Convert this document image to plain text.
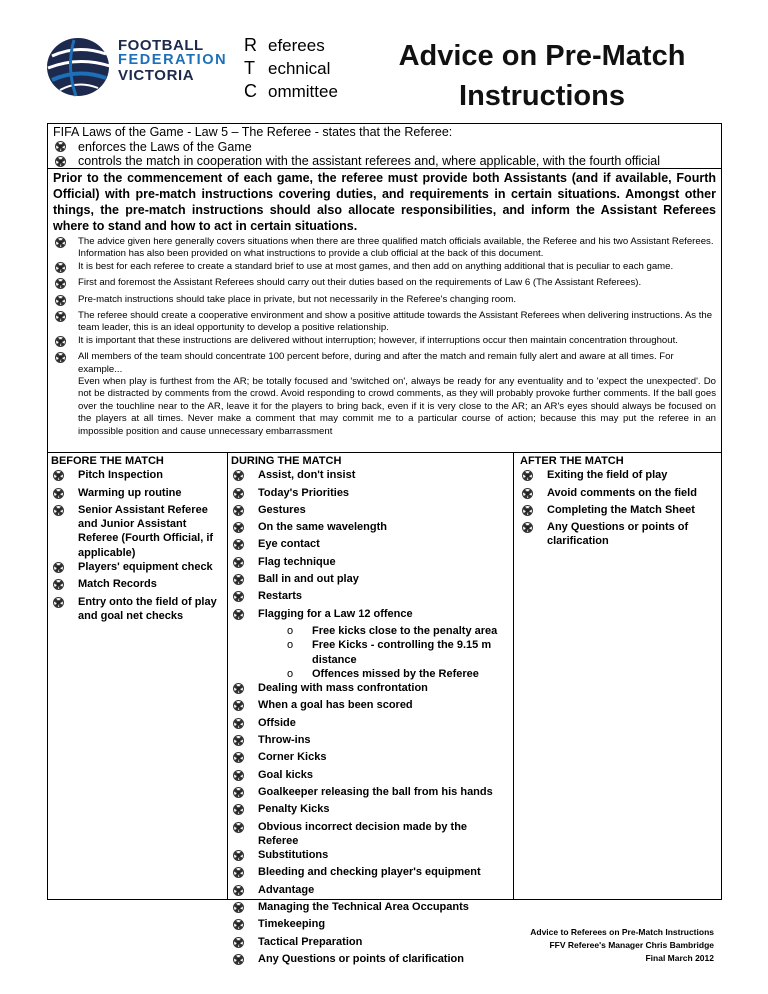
FOOTBALL
FEDERATION
VICTORIA
R eferees
T echnical
C ommittee
Advice on Pre-Match
Instructions
FIFA Laws of the Game - Law 5 – The Referee - states that the Referee:
enforces the Laws of the Game
controls the match in cooperation with the assistant referees and, where applicable, with the fourth official
Prior to the commencement of each game, the referee must provide both Assistants (and if available, Fourth Official) with pre-match instructions covering duties, and requirements in certain situations. Amongst other things, the pre-match instructions should also allocate responsibilities, and inform the Assistant Referees where to stand and how to act in certain situations.
The advice given here generally covers situations when there are three qualified match officials available, the Referee and his two Assistant Referees. Information has also been provided on what instructions to provide a club official at the back of this document.
It is best for each referee to create a standard brief to use at most games, and then add on anything additional that is peculiar to each game.
First and foremost the Assistant Referees should carry out their duties based on the requirements of Law 6 (The Assistant Referees).
Pre-match instructions should take place in private, but not necessarily in the Referee's changing room.
The referee should create a cooperative environment and show a positive attitude towards the Assistant Referees when delivering instructions. As the team leader, this is an ideal opportunity to develop a positive relationship.
It is important that these instructions are delivered without interruption; however, if interruptions occur then maintain concentration throughout.
All members of the team should concentrate 100 percent before, during and after the match and remain fully alert and aware at all times. For example...
Even when play is furthest from the AR; be totally focused and 'switched on', always be ready for any eventuality and to 'expect the unexpected'. Do not be distracted by comments from the crowd. Avoid responding to crowd comments, as they will probably provoke further comments. If the ball goes over the touchline near to the AR, leave it for the players to bring back, even if it is very close to the AR; an AR's eyes should always be focused on the players at all times. Never make a comment that may commit me to a particular course of action; because this may put the referee in an impossible position and cause unnecessary embarrassment
BEFORE THE MATCH
Pitch Inspection
Warming up routine
Senior Assistant Referee and Junior Assistant Referee (Fourth Official, if applicable)
Players' equipment check
Match Records
Entry onto the field of play and goal net checks
DURING THE MATCH
Assist, don't insist
Today's Priorities
Gestures
On the same wavelength
Eye contact
Flag technique
Ball in and out play
Restarts
Flagging for a Law 12 offence
o	Free kicks close to the penalty area
o	Free Kicks - controlling the 9.15 m distance
o	Offences missed by the Referee
Dealing with mass confrontation
When a goal has been scored
Offside
Throw-ins
Corner Kicks
Goal kicks
Goalkeeper releasing the ball from his hands
Penalty Kicks
Obvious incorrect decision made by the Referee
Substitutions
Bleeding and checking player's equipment
Advantage
Managing the Technical Area Occupants
Timekeeping
Tactical Preparation
Any Questions or points of clarification
AFTER THE MATCH
Exiting the field of play
Avoid comments on the field
Completing the Match Sheet
Any Questions or points of clarification
Advice to Referees on Pre-Match Instructions
FFV Referee's Manager Chris Bambridge
Final March 2012
